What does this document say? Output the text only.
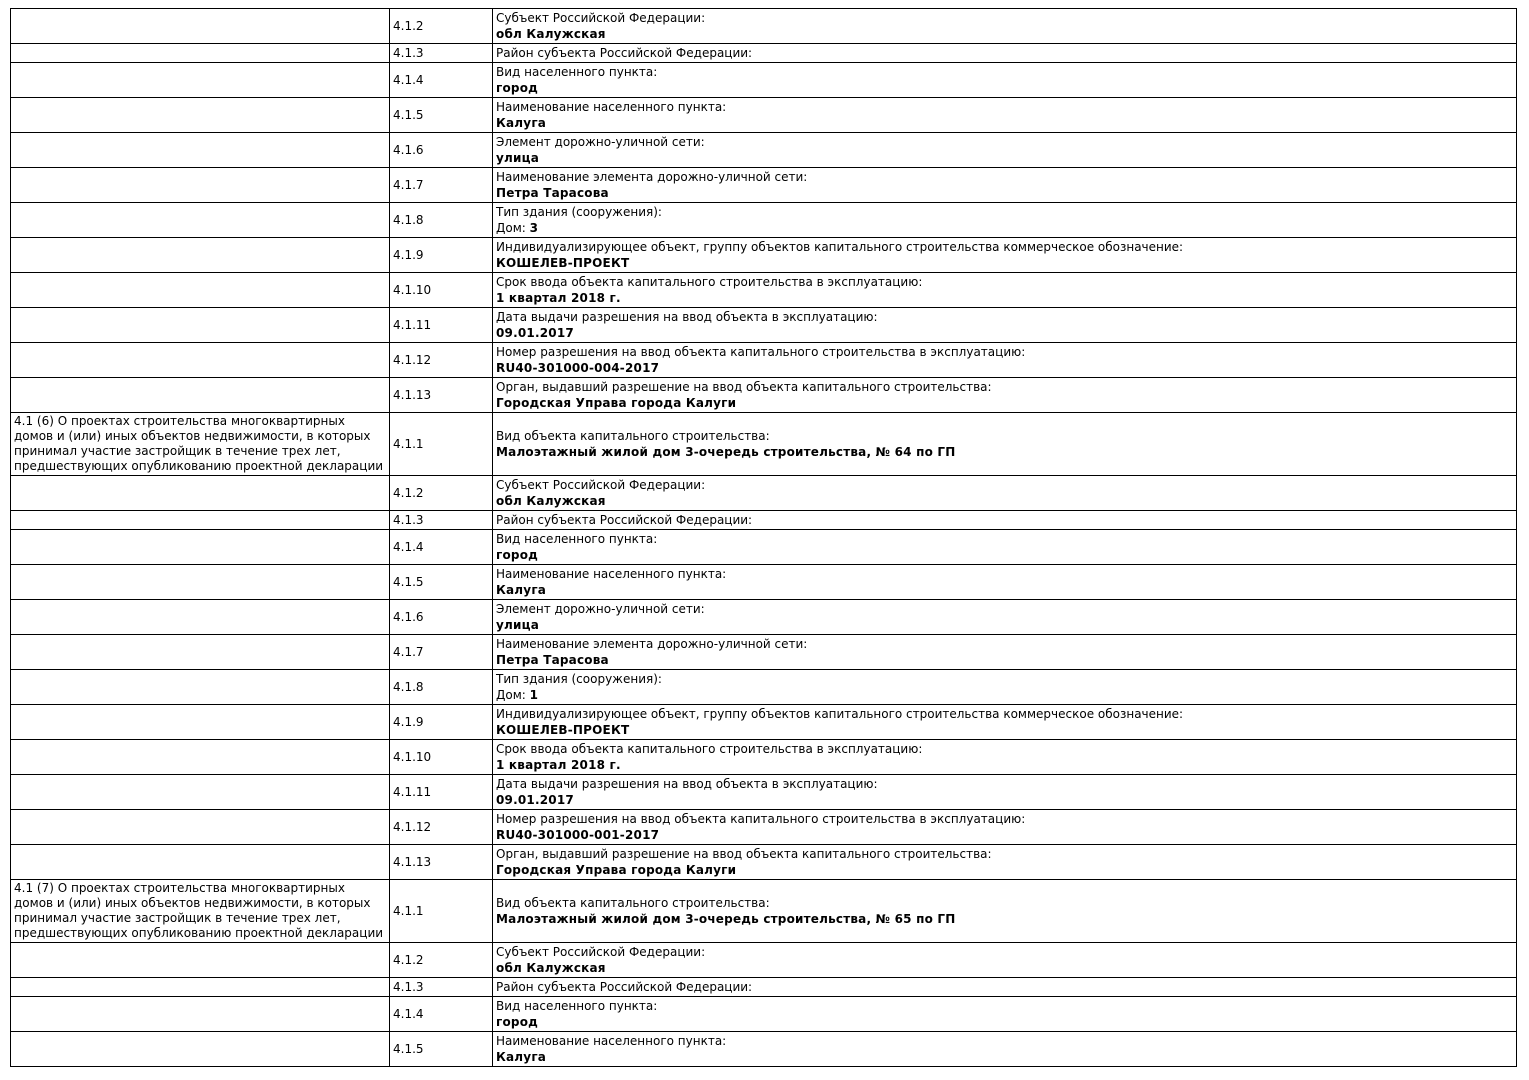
	4.1.2	Субъект Российской Федерации:
обл Калужская

	4.1.3	Район субъекта Российской Федерации:

	4.1.4	Вид населенного пункта:
город

	4.1.5	Наименование населенного пункта:
Калуга

	4.1.6	Элемент дорожно-уличной сети:
улица

	4.1.7	Наименование элемента дорожно-уличной сети:
Петра Тарасова

	4.1.8	Тип здания (сооружения):
Дом: 3

	4.1.9	Индивидуализирующее объект, группу объектов капитального строительства коммерческое обозначение:
КОШЕЛЕВ-ПРОЕКТ

	4.1.10	Срок ввода объекта капитального строительства в эксплуатацию:
1 квартал 2018 г.

	4.1.11	Дата выдачи разрешения на ввод объекта в эксплуатацию:
09.01.2017

	4.1.12	Номер разрешения на ввод объекта капитального строительства в эксплуатацию:
RU40-301000-004-2017

	4.1.13	Орган, выдавший разрешение на ввод объекта капитального строительства:
Городская Управа города Калуги

4.1 (6) О проектах строительства многоквартирных домов и (или) иных объектов недвижимости, в которых принимал участие застройщик в течение трех лет, предшествующих опубликованию проектной декларации	4.1.1	Вид объекта капитального строительства:
Малоэтажный жилой дом 3-очередь строительства, № 64 по ГП

	4.1.2	Субъект Российской Федерации:
обл Калужская

	4.1.3	Район субъекта Российской Федерации:

	4.1.4	Вид населенного пункта:
город

	4.1.5	Наименование населенного пункта:
Калуга

	4.1.6	Элемент дорожно-уличной сети:
улица

	4.1.7	Наименование элемента дорожно-уличной сети:
Петра Тарасова

	4.1.8	Тип здания (сооружения):
Дом: 1

	4.1.9	Индивидуализирующее объект, группу объектов капитального строительства коммерческое обозначение:
КОШЕЛЕВ-ПРОЕКТ

	4.1.10	Срок ввода объекта капитального строительства в эксплуатацию:
1 квартал 2018 г.

	4.1.11	Дата выдачи разрешения на ввод объекта в эксплуатацию:
09.01.2017

	4.1.12	Номер разрешения на ввод объекта капитального строительства в эксплуатацию:
RU40-301000-001-2017

	4.1.13	Орган, выдавший разрешение на ввод объекта капитального строительства:
Городская Управа города Калуги

4.1 (7) О проектах строительства многоквартирных домов и (или) иных объектов недвижимости, в которых принимал участие застройщик в течение трех лет, предшествующих опубликованию проектной декларации	4.1.1	Вид объекта капитального строительства:
Малоэтажный жилой дом 3-очередь строительства, № 65 по ГП

	4.1.2	Субъект Российской Федерации:
обл Калужская

	4.1.3	Район субъекта Российской Федерации:

	4.1.4	Вид населенного пункта:
город

	4.1.5	Наименование населенного пункта:
Калуга
